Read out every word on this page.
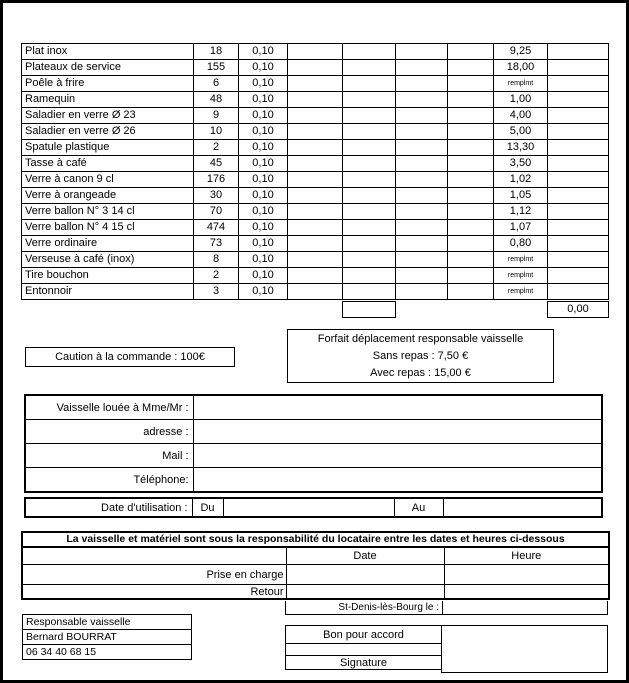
Plat inox	18	0,10					9,25	
Plateaux de service	155	0,10					18,00	
Poêle à frire	6	0,10					remplmt	
Ramequin	48	0,10					1,00	
Saladier en verre Ø 23	9	0,10					4,00	
Saladier en verre Ø 26	10	0,10					5,00	
Spatule plastique	2	0,10					13,30	
Tasse à café	45	0,10					3,50	
Verre à canon 9 cl	176	0,10					1,02	
Verre à orangeade	30	0,10					1,05	
Verre ballon N° 3 14 cl	70	0,10					1,12	
Verre ballon N° 4 15 cl	474	0,10					1,07	
Verre ordinaire	73	0,10					0,80	
Verseuse à café (inox)	8	0,10					remplmt	
Tire bouchon	2	0,10					remplmt	
Entonnoir	3	0,10					remplmt	
0,00
Caution à la commande : 100€
Forfait déplacement responsable vaisselle
Sans repas : 7,50 €
Avec repas : 15,00 €
Vaisselle louée à Mme/Mr :	
adresse :	
Mail :	
Téléphone:	
Date d'utilisation :	Du		Au	
La vaisselle et matériel sont sous la responsabilité du locataire entre les dates et heures ci-dessous		
	Date	Heure
Prise en charge		
Retour		
St-Denis-lès-Bourg le :
Responsable vaisselle
Bernard BOURRAT
06 34 40 68 15
Bon pour accord

Signature
